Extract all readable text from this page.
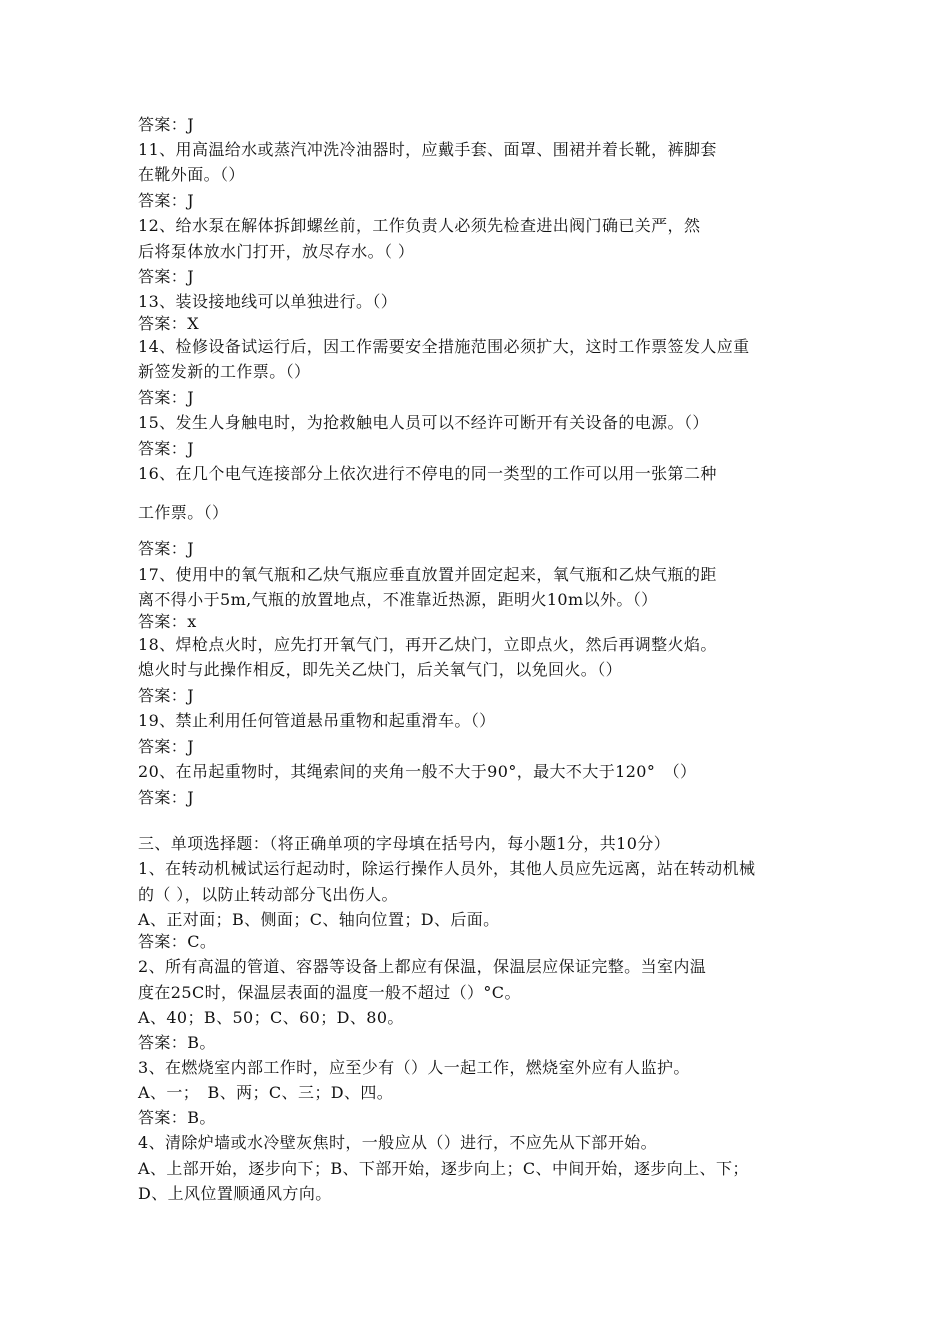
答案：J
11、用高温给水或蒸汽冲洗冷油器时，应戴手套、面罩、围裙并着长靴，裤脚套
在靴外面。（）
答案：J
12、给水泵在解体拆卸螺丝前，工作负责人必须先检查进出阀门确已关严，然
后将泵体放水门打开，放尽存水。（ ）
答案：J
13、装设接地线可以单独进行。（）
答案：X
14、检修设备试运行后，因工作需要安全措施范围必须扩大，这时工作票签发人应重
新签发新的工作票。（）
答案：J
15、发生人身触电时，为抢救触电人员可以不经许可断开有关设备的电源。（）
答案：J
16、在几个电气连接部分上依次进行不停电的同一类型的工作可以用一张第二种
工作票。（）
答案：J
17、使用中的氧气瓶和乙炔气瓶应垂直放置并固定起来，氧气瓶和乙炔气瓶的距
离不得小于5m,气瓶的放置地点，不准靠近热源，距明火10m以外。（）
答案：x
18、焊枪点火时，应先打开氧气门，再开乙炔门，立即点火，然后再调整火焰。
熄火时与此操作相反，即先关乙炔门，后关氧气门，以免回火。（）
答案：J
19、禁止利用任何管道悬吊重物和起重滑车。（）
答案：J
20、在吊起重物时，其绳索间的夹角一般不大于90°，最大不大于120°　（）
答案：J
三、单项选择题：（将正确单项的字母填在括号内，每小题1分，共10分）
1、在转动机械试运行起动时，除运行操作人员外，其他人员应先远离，站在转动机械
的（ ），以防止转动部分飞出伤人。
A、正对面；B、侧面；C、轴向位置；D、后面。
答案：C。
2、所有高温的管道、容器等设备上都应有保温，保温层应保证完整。当室内温
度在25C时，保温层表面的温度一般不超过（）°C。
A、40；B、50；C、60；D、80。
答案：B。
3、在燃烧室内部工作时，应至少有（）人一起工作，燃烧室外应有人监护。
A、一；　B、两；C、三；D、四。
答案：B。
4、清除炉墙或水冷壁灰焦时，一般应从（）进行，不应先从下部开始。
A、上部开始，逐步向下；B、下部开始，逐步向上；C、中间开始，逐步向上、下；
D、上风位置顺通风方向。
